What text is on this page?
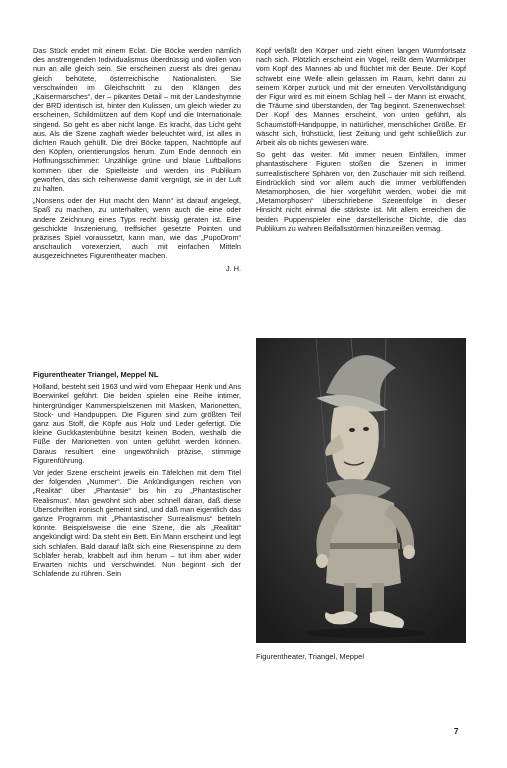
Das Stück endet mit einem Eclat. Die Böcke werden nämlich des anstrengenden Individualismus überdrüssig und wollen von nun an alle gleich sein. Sie erscheinen zuerst als drei genau gleich behütete, österreichische Nationalisten. Sie verschwinden im Gleichschritt zu den Klängen des „Kaisermarsches“, der – pikantes Detail – mit der Landeshymne der BRD identisch ist, hinter den Kulissen, um gleich wieder zu erscheinen, Schildmützen auf dem Kopf und die Internationale singend. So geht es aber nicht lange. Es kracht, das Licht geht aus. Als die Szene zaghaft wieder beleuchtet wird, ist alles in dichten Rauch gehüllt. Die drei Böcke tappen, Nachttöpfe auf den Köpfen, orientierungslos herum. Zum Ende dennoch ein Hoffnungsschimmer: Unzählige grüne und blaue Luftballons kommen über die Spielleiste und werden ins Publikum geworfen, das sich reihenweise damit vergnügt, sie in der Luft zu halten.

„Nonsens oder der Hut macht den Mann“ ist darauf angelegt, Spaß zu machen, zu unterhalten, wenn auch die eine oder andere Zeichnung eines Typs recht bissig geraten ist. Eine geschickte Inszenierung, treffsicher gesetzte Pointen und präzises Spiel voraussetzt, kann man, wie das „PupoDrom“ anschaulich vorexerziert, auch mit einfachen Mitteln ausgezeichnetes Figurentheater machen.

J. H.
Figurentheater Triangel, Meppel NL

Holland, besteht seit 1963 und wird vom Ehepaar Henk und Ans Boerwinkel geführt. Die beiden spielen eine Reihe intimer, hintergründiger Kammerspielszenen mit Masken, Marionetten, Stock- und Handpuppen. Die Figuren sind zum größten Teil ganz aus Stoff, die Köpfe aus Holz und Leder gefertigt. Die kleine Guckkastenbühne besitzt keinen Boden, weshalb die Füße der Marionetten von unten geführt werden können. Daraus resultiert eine ungewöhnlich präzise, stimmige Figurenführung.

Vor jeder Szene erscheint jeweils ein Täfelchen mit dem Titel der folgenden „Nummer“. Die Ankündigungen reichen von „Realität“ über „Phantasie“ bis hin zu „Phantastischer Realismus“. Man gewöhnt sich aber schnell daran, daß diese Überschriften ironisch gemeint sind, und daß man eigentlich das ganze Programm mit „Phantastischer Surrealismus“ betiteln könnte. Beispielsweise die eine Szene, die als „Realität“ angekündigt wird: Da steht ein Bett. Ein Mann erscheint und legt sich schlafen. Bald darauf läßt sich eine Riesenspinne zu dem Schläfer herab, krabbelt auf ihm herum – tut ihm aber wider Erwarten nichts und verschwindet. Nun beginnt sich der Schlafende zu rühren. Sein

Kopf verläßt den Körper und zieht einen langen Wurmfortsatz nach sich. Plötzlich erscheint ein Vogel, reißt dem Wurmkörper vom Kopf des Mannes ab und flüchtet mit der Beute. Der Kopf schwebt eine Weile allein gelassen im Raum, kehrt dann zu seinem Körper zurück und mit der erneuten Vervollständigung der Figur wird es mit einem Schlag hell – der Mann ist erwacht, die Träume sind überstanden, der Tag beginnt. Szenenwechsel: Der Kopf des Mannes erscheint, von unten geführt, als Schaumstoff-Handpuppe, in natürlicher, menschlicher Größe. Er wäscht sich, frühstückt, liest Zeitung und geht schließlich zur Arbeit als ob nichts gewesen wäre.

So geht das weiter. Mit immer neuen Einfällen, immer phantastischere Figuren stoßen die Szenen in immer surrealistischere Sphären vor, den Zuschauer mit sich reißend. Eindrücklich sind vor allem auch die immer verblüffenden Metamorphosen, die hier vorgeführt werden, wobei die mit „Metamorphosen“ überschriebene Szenenfolge in dieser Hinsicht nicht einmal die stärkste ist. Mit allem erreichen die beiden Puppenspieler eine darstellerische Dichte, die das Publikum zu wahren Beifallsstürmen hinzureißen vermag.

Figurentheater, Triangel, Meppel
7
